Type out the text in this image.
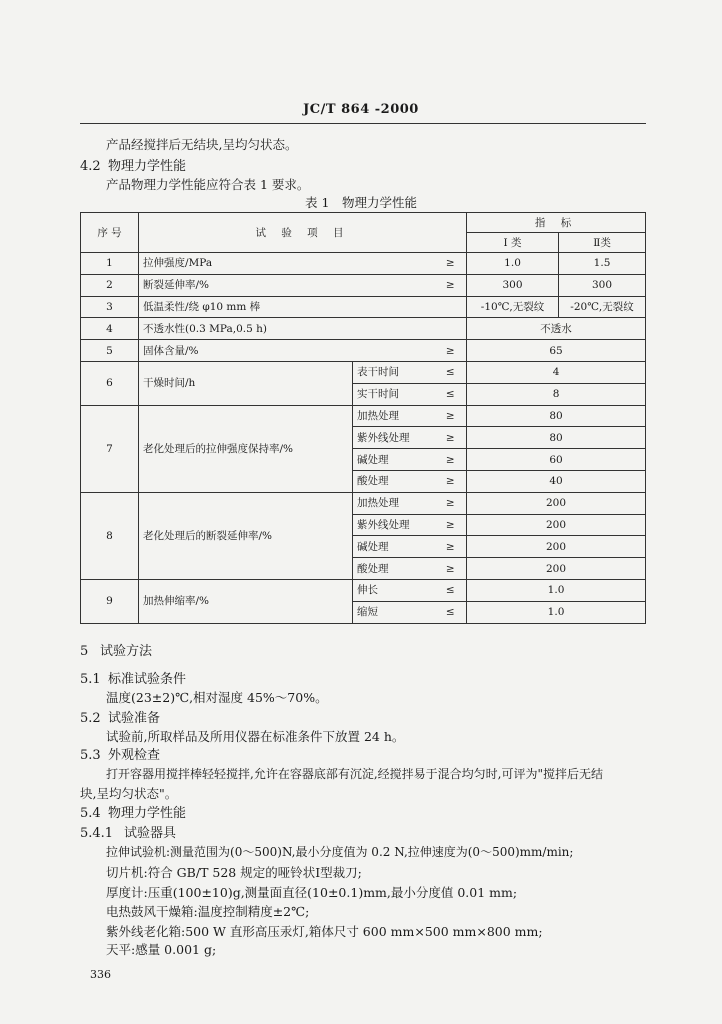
JC/T 864 -2000
产品经搅拌后无结块,呈均匀状态。
4.2 物理力学性能
产品物理力学性能应符合表 1 要求。
表 1　物理力学性能
序 号	试 验 项 目			指 标	
				I 类	Ⅱ类
1	拉伸强度/MPa		≥	1.0	1.5
2	断裂延伸率/%		≥	300	300
3	低温柔性/绕 φ10 mm 棒			-10℃,无裂纹	-20℃,无裂纹
4	不透水性(0.3 MPa,0.5 h)			不透水	
5	固体含量/%		≥	65	
6	干燥时间/h	表干时间	≤	4	
		实干时间	≤	8	
7	老化处理后的拉伸强度保持率/%	加热处理	≥	80	
		紫外线处理	≥	80	
		碱处理	≥	60	
		酸处理	≥	40	
8	老化处理后的断裂延伸率/%	加热处理	≥	200	
		紫外线处理	≥	200	
		碱处理	≥	200	
		酸处理	≥	200	
9	加热伸缩率/%	伸长	≤	1.0	
		缩短	≤	1.0	
5 试验方法
5.1 标准试验条件
温度(23±2)℃,相对湿度 45%～70%。
5.2 试验准备
试验前,所取样品及所用仪器在标准条件下放置 24 h。
5.3 外观检查
打开容器用搅拌棒轻轻搅拌,允许在容器底部有沉淀,经搅拌易于混合均匀时,可评为"搅拌后无结
块,呈均匀状态"。
5.4 物理力学性能
5.4.1 试验器具
拉伸试验机:测量范围为(0～500)N,最小分度值为 0.2 N,拉伸速度为(0～500)mm/min;
切片机:符合 GB/T 528 规定的哑铃状Ⅰ型裁刀;
厚度计:压重(100±10)g,测量面直径(10±0.1)mm,最小分度值 0.01 mm;
电热鼓风干燥箱:温度控制精度±2℃;
紫外线老化箱:500 W 直形高压汞灯,箱体尺寸 600 mm×500 mm×800 mm;
天平:感量 0.001 g;
336
